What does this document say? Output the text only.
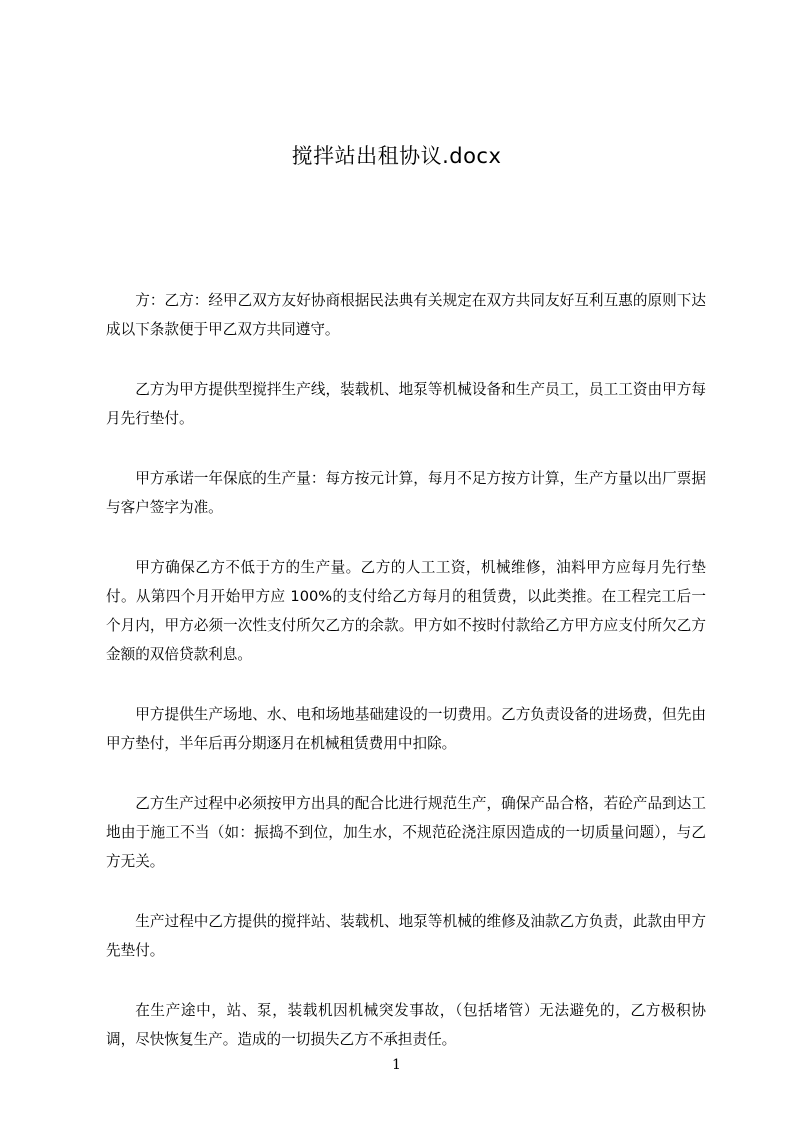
搅拌站出租协议.docx

方：乙方：经甲乙双方友好协商根据民法典有关规定在双方共同友好互利互惠的原则下达成以下条款便于甲乙双方共同遵守。

乙方为甲方提供型搅拌生产线，装载机、地泵等机械设备和生产员工，员工工资由甲方每月先行垫付。

甲方承诺一年保底的生产量：每方按元计算，每月不足方按方计算，生产方量以出厂票据与客户签字为准。

甲方确保乙方不低于方的生产量。乙方的人工工资，机械维修，油料甲方应每月先行垫付。从第四个月开始甲方应 100%的支付给乙方每月的租赁费，以此类推。在工程完工后一个月内，甲方必须一次性支付所欠乙方的余款。甲方如不按时付款给乙方甲方应支付所欠乙方金额的双倍贷款利息。

甲方提供生产场地、水、电和场地基础建设的一切费用。乙方负责设备的进场费，但先由甲方垫付，半年后再分期逐月在机械租赁费用中扣除。

乙方生产过程中必须按甲方出具的配合比进行规范生产，确保产品合格，若砼产品到达工地由于施工不当（如：振捣不到位，加生水，不规范砼浇注原因造成的一切质量问题），与乙方无关。

生产过程中乙方提供的搅拌站、装载机、地泵等机械的维修及油款乙方负责，此款由甲方先垫付。

在生产途中，站、泵，装载机因机械突发事故，（包括堵管）无法避免的，乙方极积协调，尽快恢复生产。造成的一切损失乙方不承担责任。

1
